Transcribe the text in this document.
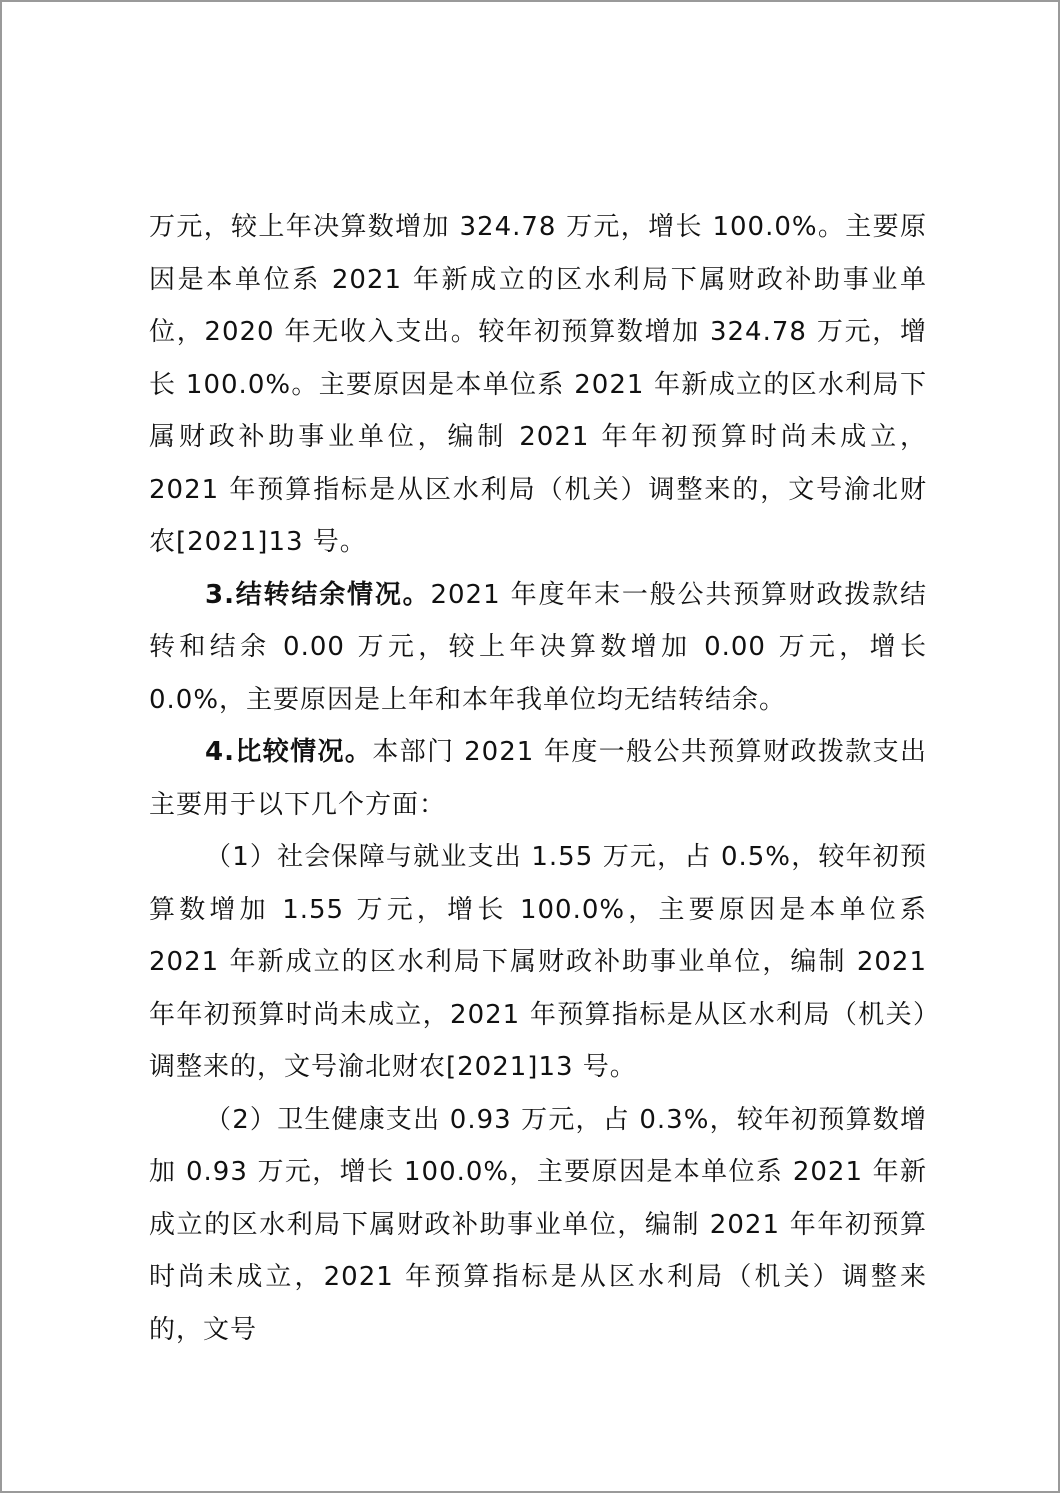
万元，较上年决算数增加 324.78 万元，增长 100.0%。主要原因是本单位系 2021 年新成立的区水利局下属财政补助事业单位，2020 年无收入支出。较年初预算数增加 324.78 万元，增长 100.0%。主要原因是本单位系 2021 年新成立的区水利局下属财政补助事业单位，编制 2021 年年初预算时尚未成立，2021 年预算指标是从区水利局（机关）调整来的，文号渝北财农[2021]13 号。

3.结转结余情况。2021 年度年末一般公共预算财政拨款结转和结余 0.00 万元，较上年决算数增加 0.00 万元，增长 0.0%，主要原因是上年和本年我单位均无结转结余。

4.比较情况。本部门 2021 年度一般公共预算财政拨款支出主要用于以下几个方面：

（1）社会保障与就业支出 1.55 万元，占 0.5%，较年初预算数增加 1.55 万元，增长 100.0%，主要原因是本单位系 2021 年新成立的区水利局下属财政补助事业单位，编制 2021 年年初预算时尚未成立，2021 年预算指标是从区水利局（机关）调整来的，文号渝北财农[2021]13 号。

（2）卫生健康支出 0.93 万元，占 0.3%，较年初预算数增加 0.93 万元，增长 100.0%，主要原因是本单位系 2021 年新成立的区水利局下属财政补助事业单位，编制 2021 年年初预算时尚未成立，2021 年预算指标是从区水利局（机关）调整来的，文号
